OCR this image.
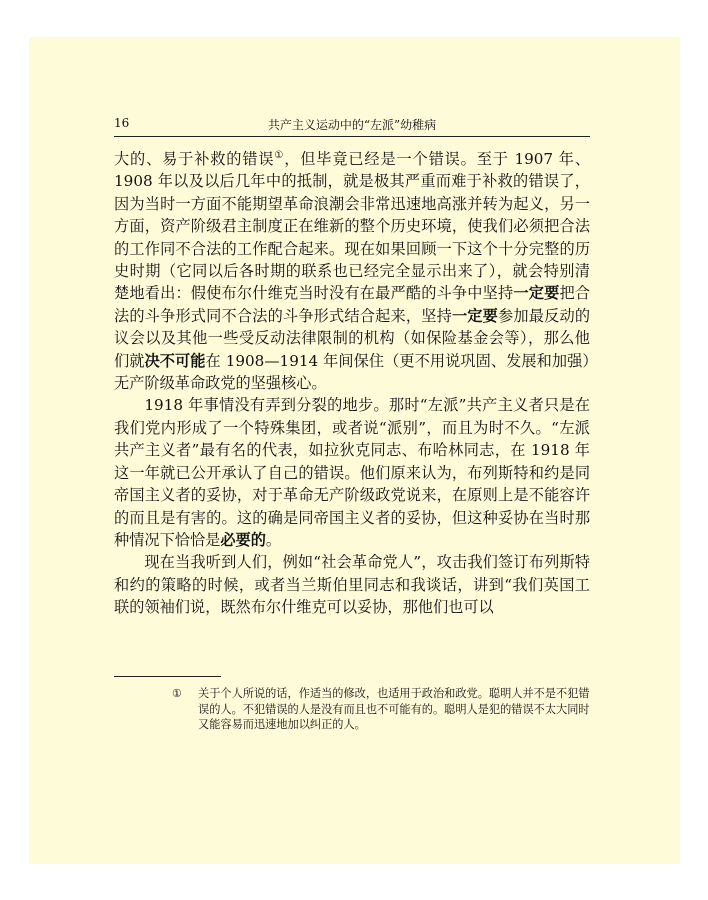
16	共产主义运动中的“左派”幼稚病

大的、易于补救的错误①，但毕竟已经是一个错误。至于 1907 年、1908 年以及以后几年中的抵制，就是极其严重而难于补救的错误了，因为当时一方面不能期望革命浪潮会非常迅速地高涨并转为起义，另一方面，资产阶级君主制度正在维新的整个历史环境，使我们必须把合法的工作同不合法的工作配合起来。现在如果回顾一下这个十分完整的历史时期（它同以后各时期的联系也已经完全显示出来了），就会特别清楚地看出：假使布尔什维克当时没有在最严酷的斗争中坚持一定要把合法的斗争形式同不合法的斗争形式结合起来，坚持一定要参加最反动的议会以及其他一些受反动法律限制的机构（如保险基金会等），那么他们就决不可能在 1908—1914 年间保住（更不用说巩固、发展和加强）无产阶级革命政党的坚强核心。

1918 年事情没有弄到分裂的地步。那时“左派”共产主义者只是在我们党内形成了一个特殊集团，或者说“派别”，而且为时不久。“左派共产主义者”最有名的代表，如拉狄克同志、布哈林同志，在 1918 年这一年就已公开承认了自己的错误。他们原来认为，布列斯特和约是同帝国主义者的妥协，对于革命无产阶级政党说来，在原则上是不能容许的而且是有害的。这的确是同帝国主义者的妥协，但这种妥协在当时那种情况下恰恰是必要的。

现在当我听到人们，例如“社会革命党人”，攻击我们签订布列斯特和约的策略的时候，或者当兰斯伯里同志和我谈话，讲到“我们英国工联的领袖们说，既然布尔什维克可以妥协，那他们也可以

① 关于个人所说的话，作适当的修改，也适用于政治和政党。聪明人并不是不犯错误的人。不犯错误的人是没有而且也不可能有的。聪明人是犯的错误不太大同时又能容易而迅速地加以纠正的人。
